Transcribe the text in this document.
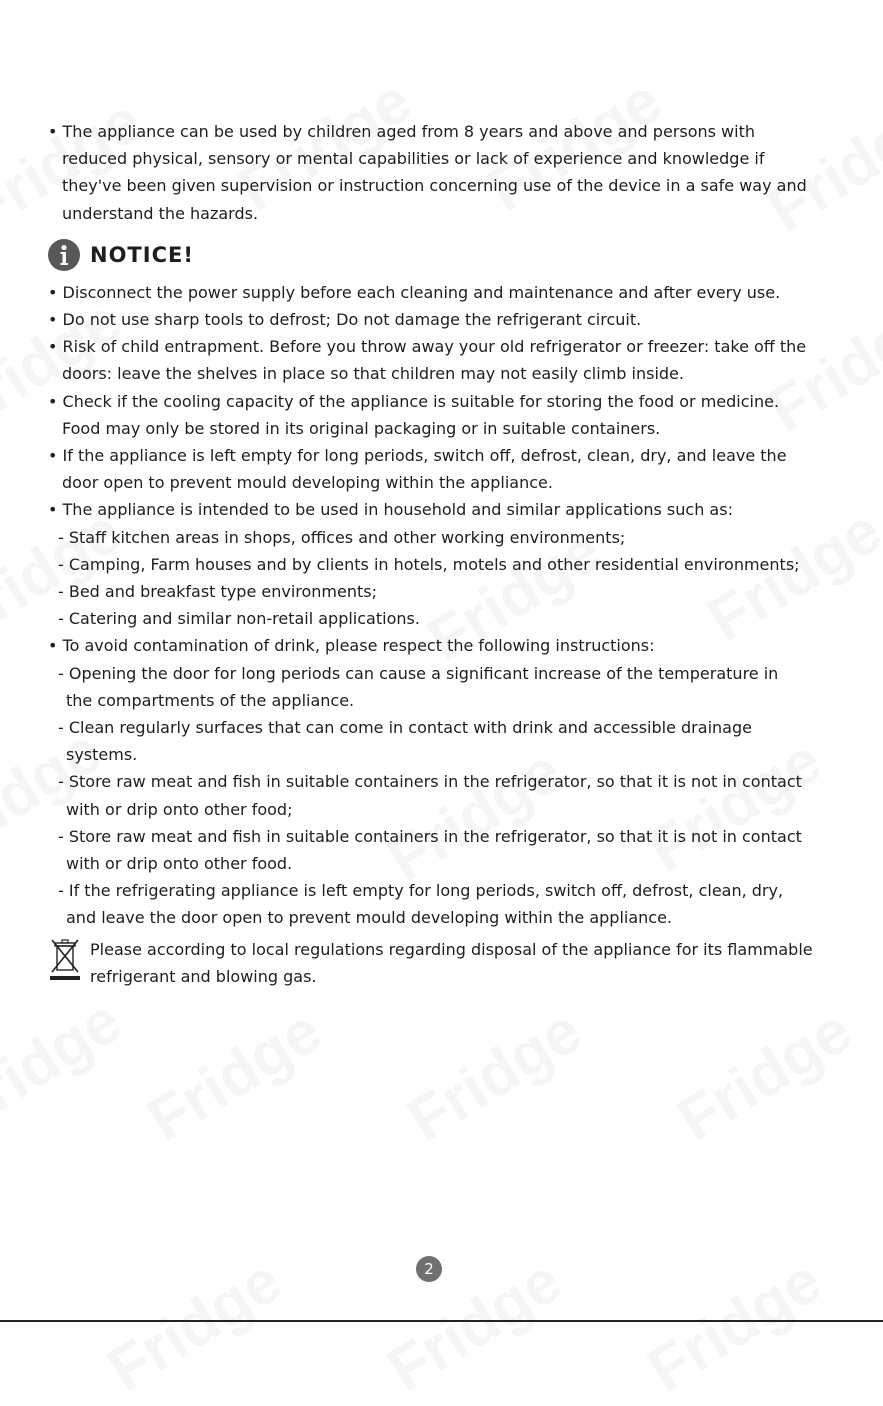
• The appliance can be used by children aged from 8 years and above and persons with

reduced physical, sensory or mental capabilities or lack of experience and knowledge if

they've been given supervision or instruction concerning use of the device in a safe way and

understand the hazards.

NOTICE!

• Disconnect the power supply before each cleaning and maintenance and after every use.

• Do not use sharp tools to defrost; Do not damage the refrigerant circuit.

• Risk of child entrapment. Before you throw away your old refrigerator or freezer: take off the

doors: leave the shelves in place so that children may not easily climb inside.

• Check if the cooling capacity of the appliance is suitable for storing the food or medicine.

Food may only be stored in its original packaging or in suitable containers.

• If the appliance is left empty for long periods, switch off, defrost, clean, dry, and leave the

door open to prevent mould developing within the appliance.

• The appliance is intended to be used in household and similar applications such as:

- Staff kitchen areas in shops, offices and other working environments;

- Camping, Farm houses and by clients in hotels, motels and other residential environments;

- Bed and breakfast type environments;

- Catering and similar non-retail applications.

• To avoid contamination of drink, please respect the following instructions:

- Opening the door for long periods can cause a significant increase of the temperature in

the compartments of the appliance.

- Clean regularly surfaces that can come in contact with drink and accessible drainage

systems.

- Store raw meat and fish in suitable containers in the refrigerator, so that it is not in contact

with or drip onto other food;

- Store raw meat and fish in suitable containers in the refrigerator, so that it is not in contact

with or drip onto other food.

- If the refrigerating appliance is left empty for long periods, switch off, defrost, clean, dry,

and leave the door open to prevent mould developing within the appliance.

Please according to local regulations regarding disposal of the appliance for its flammable
refrigerant and blowing gas.
2
